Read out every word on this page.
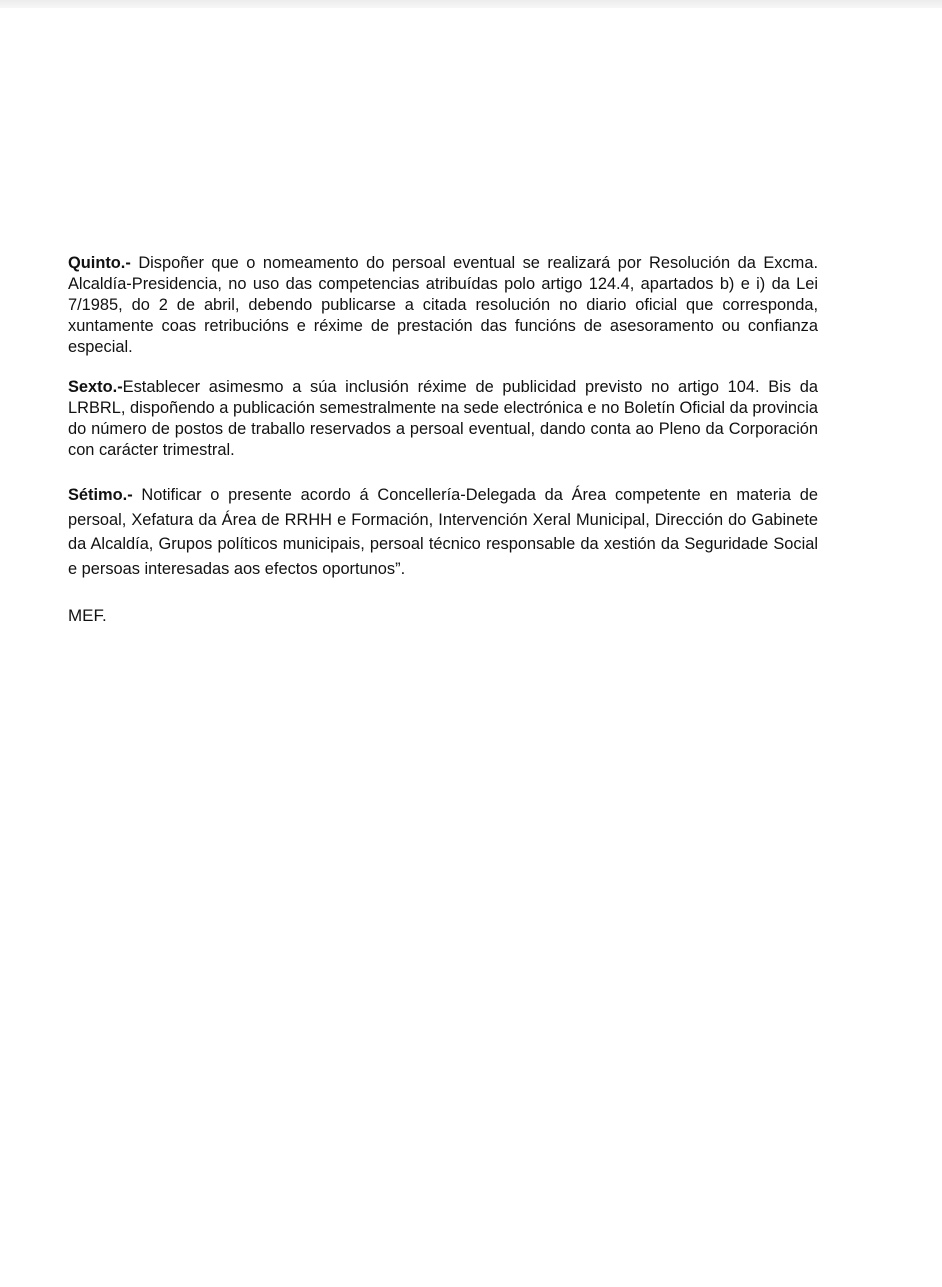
Quinto.- Dispoñer que o nomeamento do persoal eventual se realizará por Resolución da Excma. Alcaldía-Presidencia, no uso das competencias atribuídas polo artigo 124.4, apartados b) e i) da Lei 7/1985, do 2 de abril, debendo publicarse a citada resolución no diario oficial que corresponda, xuntamente coas retribucións e réxime de prestación das funcións de asesoramento ou confianza especial.

Sexto.-Establecer asimesmo a súa inclusión réxime de publicidad previsto no artigo 104. Bis da LRBRL, dispoñendo a publicación semestralmente na sede electrónica e no Boletín Oficial da provincia do número de postos de traballo reservados a persoal eventual, dando conta ao Pleno da Corporación con carácter trimestral.

Sétimo.- Notificar o presente acordo á Concellería-Delegada da Área competente en materia de persoal, Xefatura da Área de RRHH e Formación, Intervención Xeral Municipal, Dirección do Gabinete da Alcaldía, Grupos políticos municipais, persoal técnico responsable da xestión da Seguridade Social e persoas interesadas aos efectos oportunos”.

MEF.
